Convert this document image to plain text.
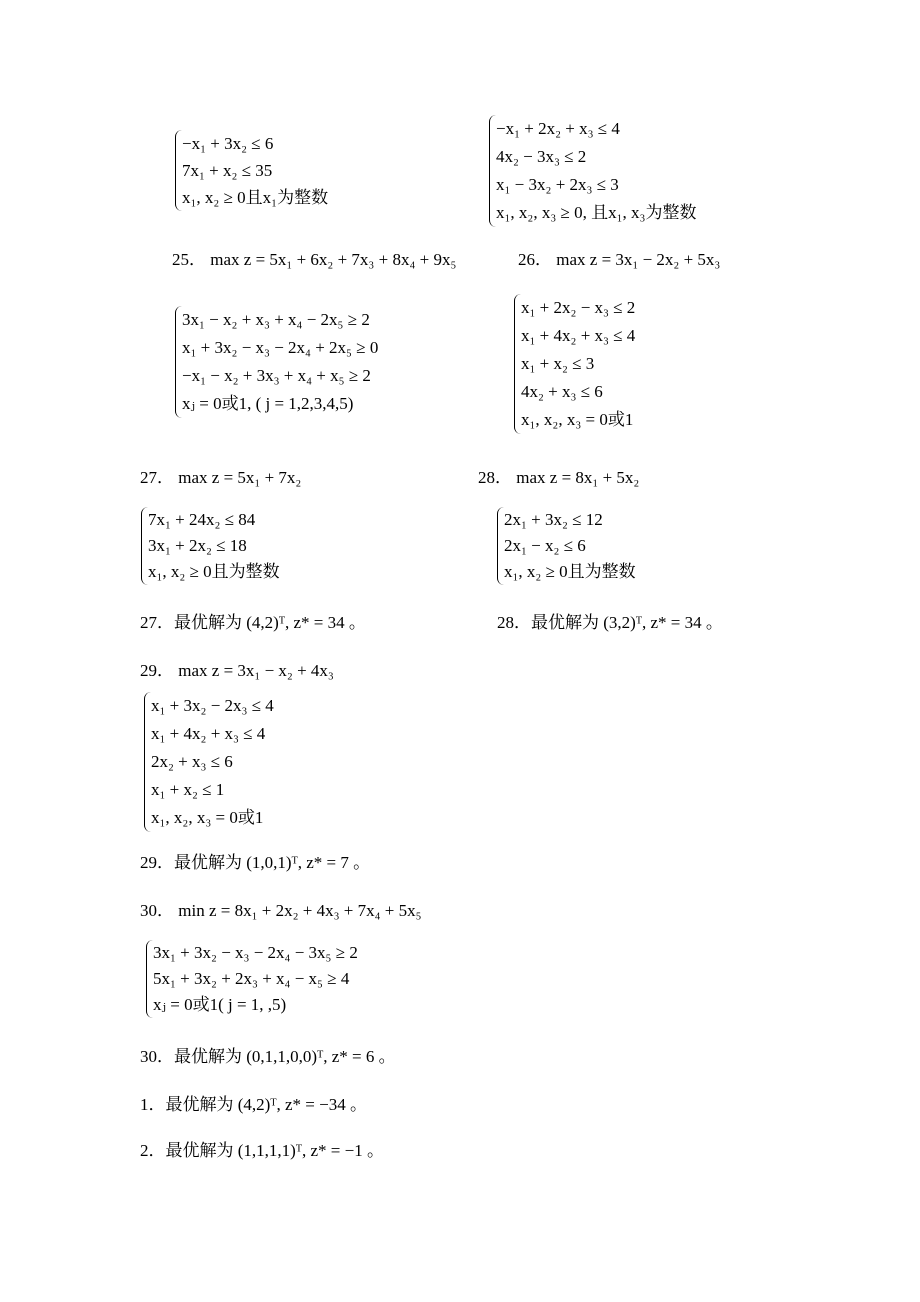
−x₁ + 3x₂ ≤ 6
7x₁ + x₂ ≤ 35
x₁, x₂ ≥ 0且x₁为整数
−x₁ + 2x₂ + x₃ ≤ 4
4x₂ − 3x₃ ≤ 2
x₁ − 3x₂ + 2x₃ ≤ 3
x₁, x₂, x₃ ≥ 0, 且x₁, x₃为整数
25． max z = 5x₁ + 6x₂ + 7x₃ + 8x₄ + 9x₅
3x₁ − x₂ + x₃ + x₄ − 2x₅ ≥ 2
x₁ + 3x₂ − x₃ − 2x₄ + 2x₅ ≥ 0
−x₁ − x₂ + 3x₃ + x₄ + x₅ ≥ 2
xⱼ = 0或1, ( j = 1,2,3,4,5)
26． max z = 3x₁ − 2x₂ + 5x₃
x₁ + 2x₂ − x₃ ≤ 2
x₁ + 4x₂ + x₃ ≤ 4
x₁ + x₂ ≤ 3
4x₂ + x₃ ≤ 6
x₁, x₂, x₃ = 0或1
27． max z = 5x₁ + 7x₂
7x₁ + 24x₂ ≤ 84
3x₁ + 2x₂ ≤ 18
x₁, x₂ ≥ 0且为整数
28． max z = 8x₁ + 5x₂
2x₁ + 3x₂ ≤ 12
2x₁ − x₂ ≤ 6
x₁, x₂ ≥ 0且为整数
27．最优解为 (4,2)ᵀ, z* = 34 。	28．最优解为 (3,2)ᵀ, z* = 34 。
29． max z = 3x₁ − x₂ + 4x₃
x₁ + 3x₂ − 2x₃ ≤ 4
x₁ + 4x₂ + x₃ ≤ 4
2x₂ + x₃ ≤ 6
x₁ + x₂ ≤ 1
x₁, x₂, x₃ = 0或1
29．最优解为 (1,0,1)ᵀ, z* = 7 。
30． min z = 8x₁ + 2x₂ + 4x₃ + 7x₄ + 5x₅
3x₁ + 3x₂ − x₃ − 2x₄ − 3x₅ ≥ 2
5x₁ + 3x₂ + 2x₃ + x₄ − x₅ ≥ 4
xⱼ = 0或1( j = 1, ,5)
30．最优解为 (0,1,1,0,0)ᵀ, z* = 6 。
1．最优解为 (4,2)ᵀ, z* = −34 。
2．最优解为 (1,1,1,1)ᵀ, z* = −1 。
